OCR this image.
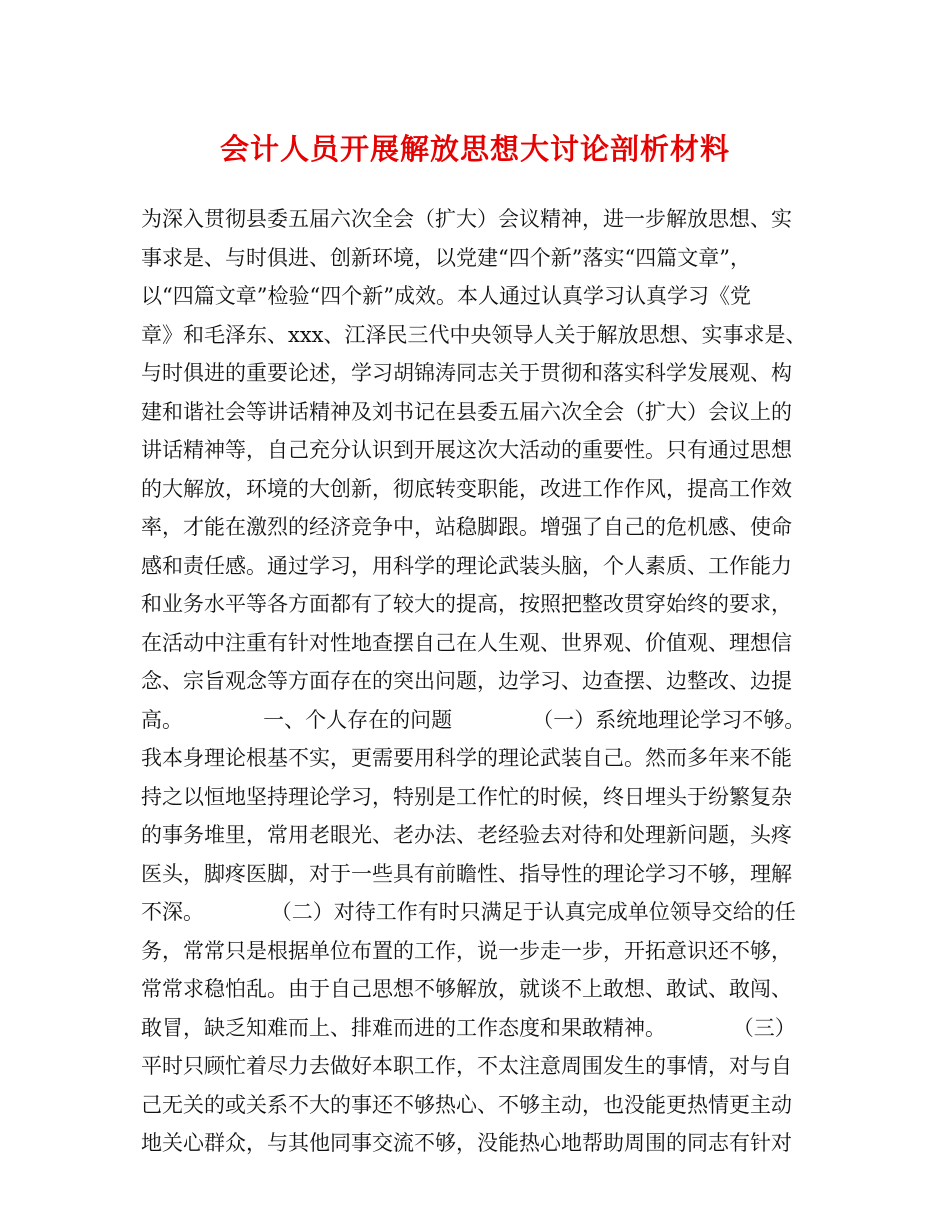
会计人员开展解放思想大讨论剖析材料
为深入贯彻县委五届六次全会（扩大）会议精神，进一步解放思想、实
事求是、与时俱进、创新环境，以党建“四个新”落实“四篇文章”，
以“四篇文章”检验“四个新”成效。本人通过认真学习认真学习《党
章》和毛泽东、xxx、江泽民三代中央领导人关于解放思想、实事求是、
与时俱进的重要论述，学习胡锦涛同志关于贯彻和落实科学发展观、构
建和谐社会等讲话精神及刘书记在县委五届六次全会（扩大）会议上的
讲话精神等，自己充分认识到开展这次大活动的重要性。只有通过思想
的大解放，环境的大创新，彻底转变职能，改进工作作风，提高工作效
率，才能在激烈的经济竞争中，站稳脚跟。增强了自己的危机感、使命
感和责任感。通过学习，用科学的理论武装头脑，个人素质、工作能力
和业务水平等各方面都有了较大的提高，按照把整改贯穿始终的要求，
在活动中注重有针对性地查摆自己在人生观、世界观、价值观、理想信
念、宗旨观念等方面存在的突出问题，边学习、边查摆、边整改、边提
高。            一、个人存在的问题            （一）系统地理论学习不够。
我本身理论根基不实，更需要用科学的理论武装自己。然而多年来不能
持之以恒地坚持理论学习，特别是工作忙的时候，终日埋头于纷繁复杂
的事务堆里，常用老眼光、老办法、老经验去对待和处理新问题，头疼
医头，脚疼医脚，对于一些具有前瞻性、指导性的理论学习不够，理解
不深。          （二）对待工作有时只满足于认真完成单位领导交给的任
务，常常只是根据单位布置的工作，说一步走一步，开拓意识还不够，
常常求稳怕乱。由于自己思想不够解放，就谈不上敢想、敢试、敢闯、
敢冒，缺乏知难而上、排难而进的工作态度和果敢精神。          （三）
平时只顾忙着尽力去做好本职工作，不太注意周围发生的事情，对与自
己无关的或关系不大的事还不够热心、不够主动，也没能更热情更主动
地关心群众，与其他同事交流不够，没能热心地帮助周围的同志有针对
